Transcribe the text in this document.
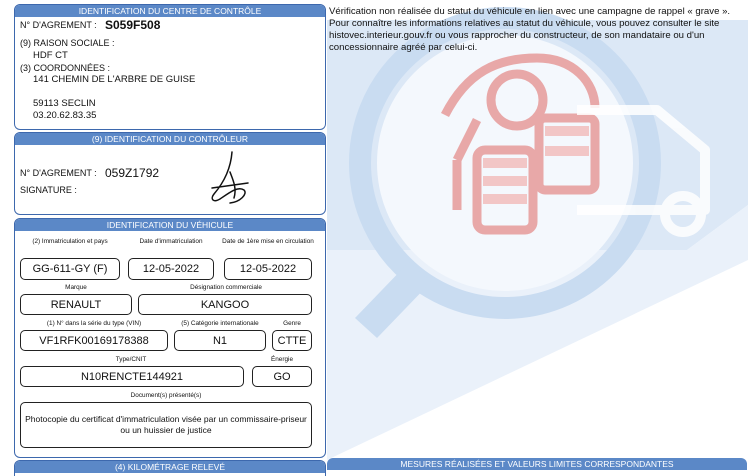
IDENTIFICATION DU CENTRE DE CONTRÔLE
N° D'AGREMENT : S059F508
(9) RAISON SOCIALE :
HDF CT
(3) COORDONNÉES :
141 CHEMIN DE L'ARBRE DE GUISE
59113 SECLIN
03.20.62.83.35
(9) IDENTIFICATION DU CONTRÔLEUR
N° D'AGREMENT : 059Z1792
SIGNATURE :
IDENTIFICATION DU VÉHICULE
(2) Immatriculation et pays	Date d'immatriculation	Date de 1ère mise en circulation
GG-611-GY (F)	12-05-2022	12-05-2022
Marque	Désignation commerciale
RENAULT	KANGOO
(1) N° dans la série du type (VIN)	(5) Catégorie internationale	Genre
VF1RFK00169178388	N1	CTTE
Type/CNIT	Énergie
N10RENCTE144921	GO
Document(s) présenté(s)
Photocopie du certificat d'immatriculation visée par un commissaire-priseur ou un huissier de justice
(4) KILOMÉTRAGE RELEVÉ
Vérification non réalisée du statut du véhicule en lien avec une campagne de rappel « grave ». Pour connaître les informations relatives au statut du véhicule, vous pouvez consulter le site histovec.interieur.gouv.fr ou vous rapprocher du constructeur, de son mandataire ou d'un concessionnaire agréé par celui-ci.
MESURES RÉALISÉES ET VALEURS LIMITES CORRESPONDANTES
